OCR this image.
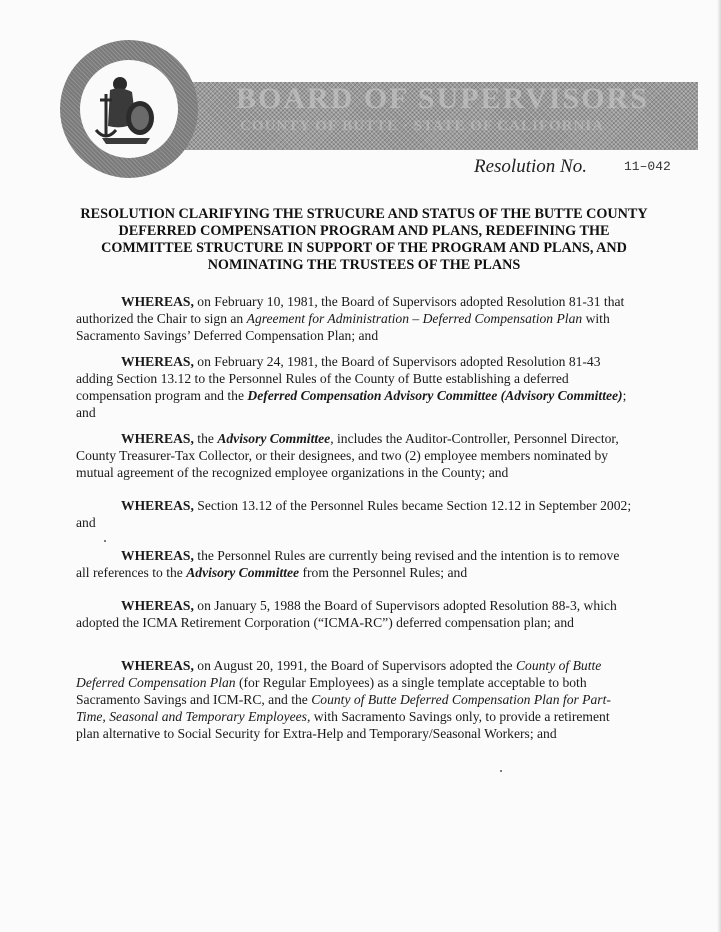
BOARD OF SUPERVISORS
COUNTY OF BUTTE · STATE OF CALIFORNIA
Resolution No.	11–042
RESOLUTION CLARIFYING THE STRUCURE AND STATUS OF THE BUTTE COUNTY DEFERRED COMPENSATION PROGRAM AND PLANS, REDEFINING THE COMMITTEE STRUCTURE IN SUPPORT OF THE PROGRAM AND PLANS, AND NOMINATING THE TRUSTEES OF THE PLANS
WHEREAS, on February 10, 1981, the Board of Supervisors adopted Resolution 81-31 that authorized the Chair to sign an Agreement for Administration – Deferred Compensation Plan with Sacramento Savings’ Deferred Compensation Plan; and
WHEREAS, on February 24, 1981, the Board of Supervisors adopted Resolution 81-43 adding Section 13.12 to the Personnel Rules of the County of Butte establishing a deferred compensation program and the Deferred Compensation Advisory Committee (Advisory Committee); and
WHEREAS, the Advisory Committee, includes the Auditor-Controller, Personnel Director, County Treasurer-Tax Collector, or their designees, and two (2) employee members nominated by mutual agreement of the recognized employee organizations in the County; and
WHEREAS, Section 13.12 of the Personnel Rules became Section 12.12 in September 2002; and
WHEREAS, the Personnel Rules are currently being revised and the intention is to remove all references to the Advisory Committee from the Personnel Rules; and
WHEREAS, on January 5, 1988 the Board of Supervisors adopted Resolution 88-3, which adopted the ICMA Retirement Corporation (“ICMA-RC”) deferred compensation plan; and
WHEREAS, on August 20, 1991, the Board of Supervisors adopted the County of Butte Deferred Compensation Plan (for Regular Employees) as a single template acceptable to both Sacramento Savings and ICM-RC, and the County of Butte Deferred Compensation Plan for Part-Time, Seasonal and Temporary Employees, with Sacramento Savings only, to provide a retirement plan alternative to Social Security for Extra-Help and Temporary/Seasonal Workers; and
